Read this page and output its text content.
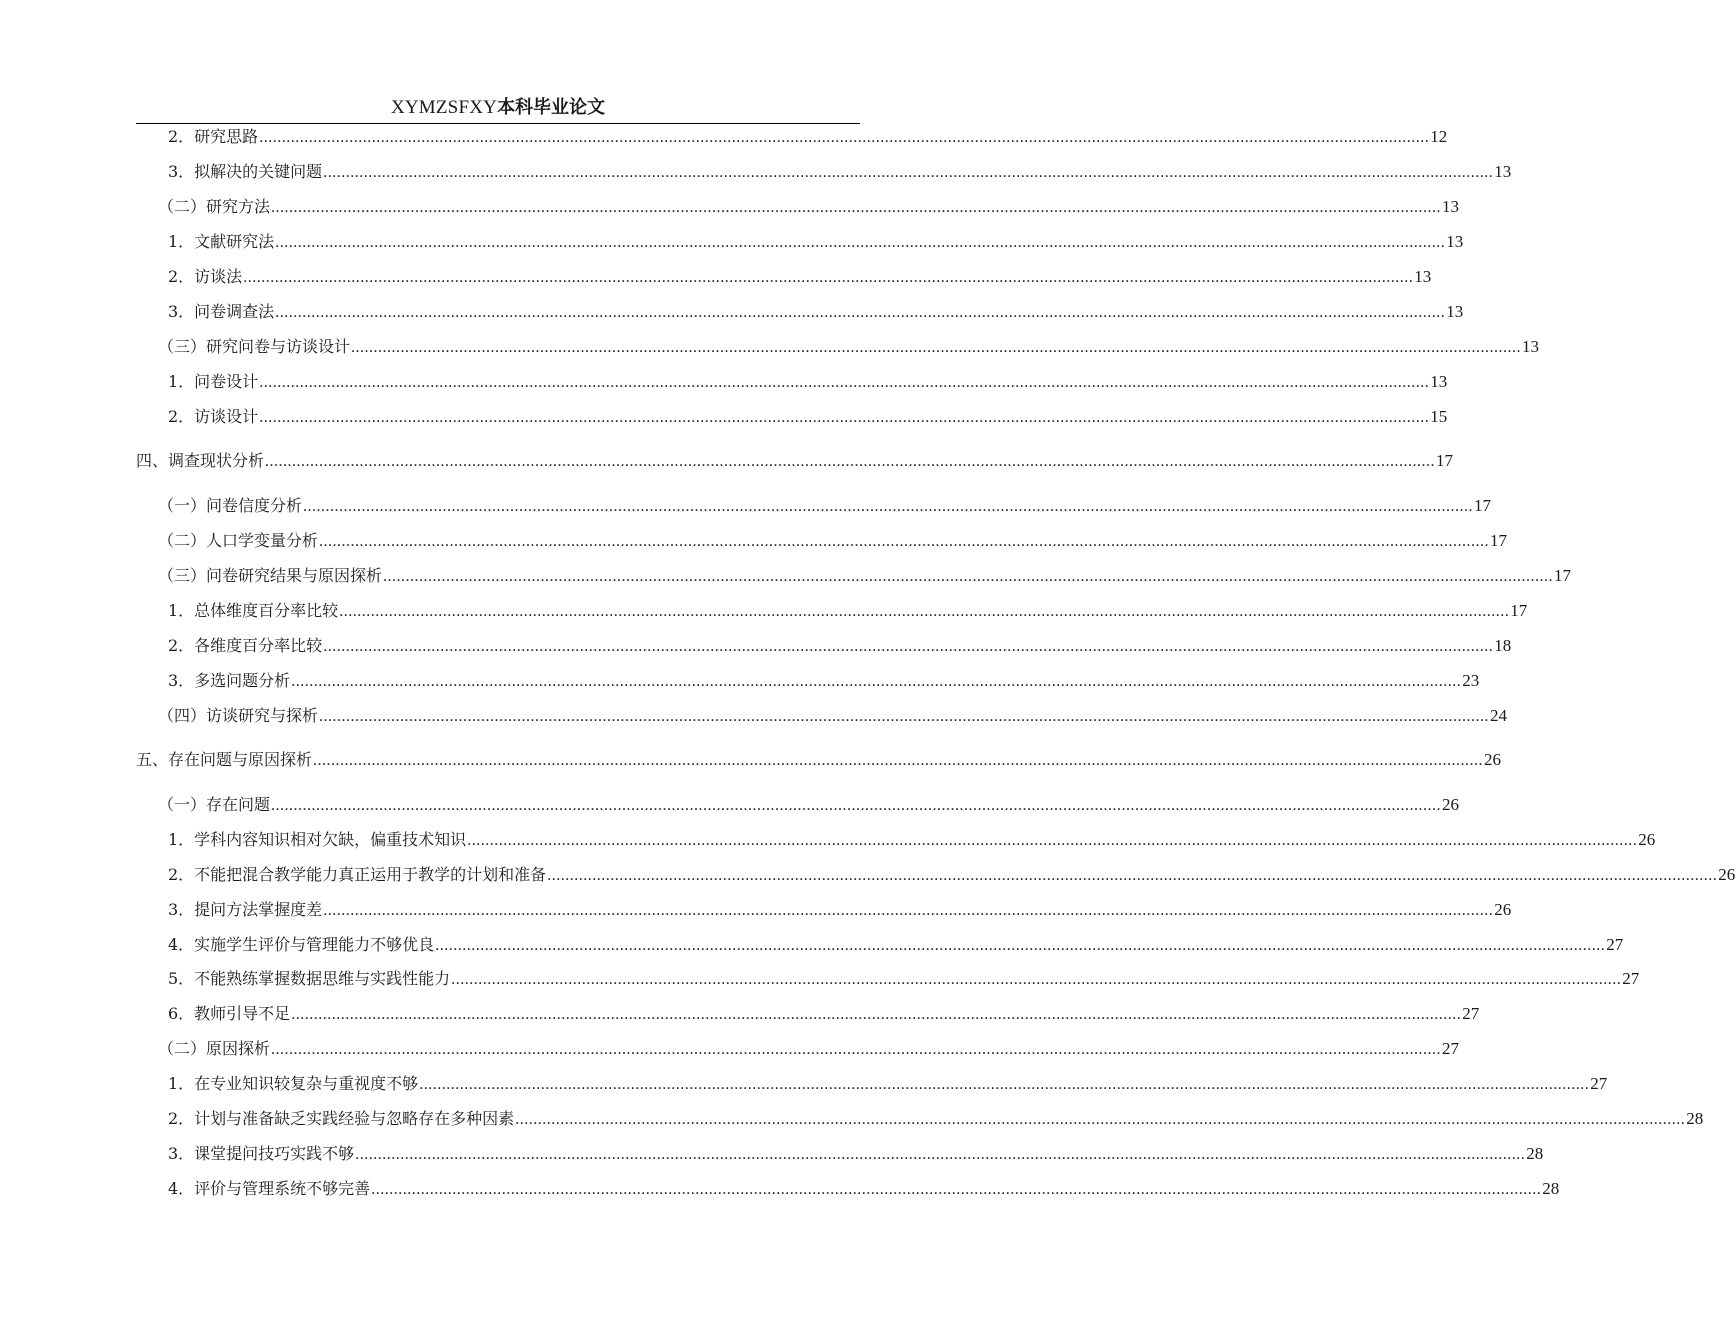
XYMZSFXY本科毕业论文
2．研究思路 .................................................................................................................................................................................................................................................................... 12
3．拟解决的关键问题 .................................................................................................................................................................................................................................................................... 13
（二）研究方法 .................................................................................................................................................................................................................................................................... 13
1．文献研究法 .................................................................................................................................................................................................................................................................... 13
2．访谈法 .................................................................................................................................................................................................................................................................... 13
3．问卷调查法 .................................................................................................................................................................................................................................................................... 13
（三）研究问卷与访谈设计 .................................................................................................................................................................................................................................................................... 13
1．问卷设计 .................................................................................................................................................................................................................................................................... 13
2．访谈设计 .................................................................................................................................................................................................................................................................... 15
四、调查现状分析 .................................................................................................................................................................................................................................................................... 17
（一）问卷信度分析 .................................................................................................................................................................................................................................................................... 17
（二）人口学变量分析 .................................................................................................................................................................................................................................................................... 17
（三）问卷研究结果与原因探析 .................................................................................................................................................................................................................................................................... 17
1．总体维度百分率比较 .................................................................................................................................................................................................................................................................... 17
2．各维度百分率比较 .................................................................................................................................................................................................................................................................... 18
3．多选问题分析 .................................................................................................................................................................................................................................................................... 23
（四）访谈研究与探析 .................................................................................................................................................................................................................................................................... 24
五、存在问题与原因探析 .................................................................................................................................................................................................................................................................... 26
（一）存在问题 .................................................................................................................................................................................................................................................................... 26
1．学科内容知识相对欠缺，偏重技术知识 .................................................................................................................................................................................................................................................................... 26
2．不能把混合教学能力真正运用于教学的计划和准备 .................................................................................................................................................................................................................................................................... 26
3．提问方法掌握度差 .................................................................................................................................................................................................................................................................... 26
4．实施学生评价与管理能力不够优良 .................................................................................................................................................................................................................................................................... 27
5．不能熟练掌握数据思维与实践性能力 .................................................................................................................................................................................................................................................................... 27
6．教师引导不足 .................................................................................................................................................................................................................................................................... 27
（二）原因探析 .................................................................................................................................................................................................................................................................... 27
1．在专业知识较复杂与重视度不够 .................................................................................................................................................................................................................................................................... 27
2．计划与准备缺乏实践经验与忽略存在多种因素 .................................................................................................................................................................................................................................................................... 28
3．课堂提问技巧实践不够 .................................................................................................................................................................................................................................................................... 28
4．评价与管理系统不够完善 .................................................................................................................................................................................................................................................................... 28
